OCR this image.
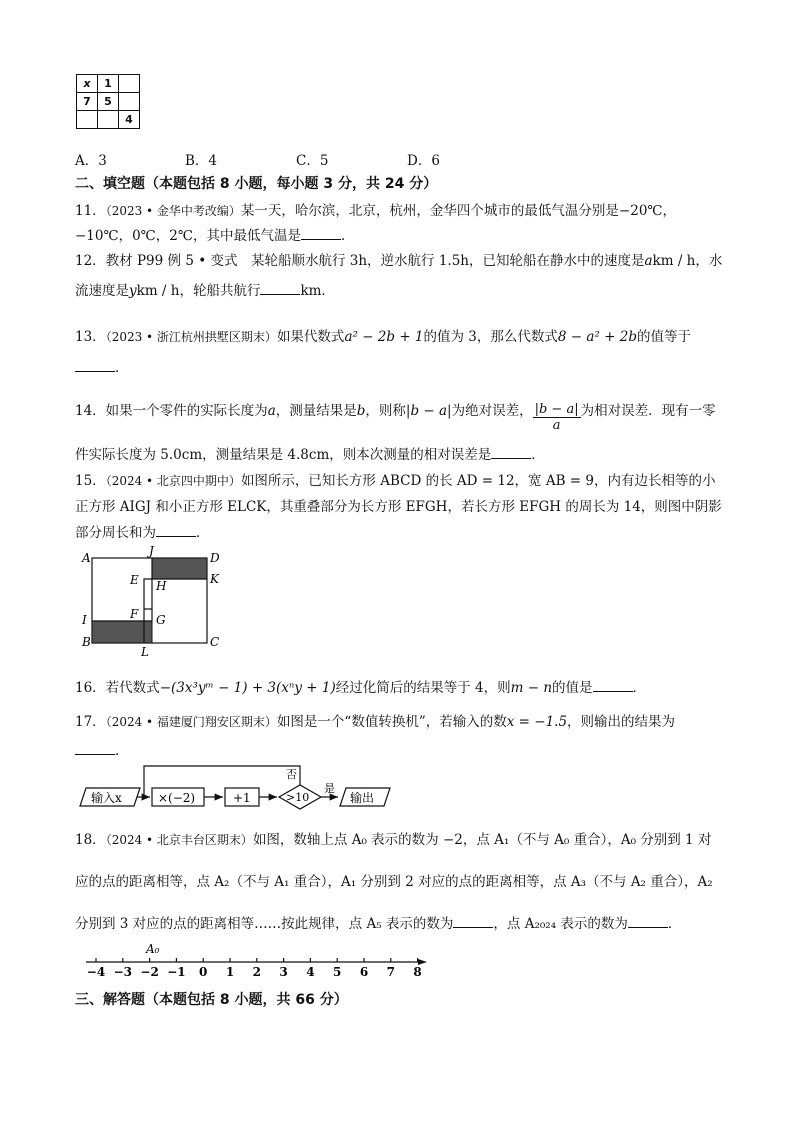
x	1	
7	5	
		4
A．3	B．4	C．5	D．6
二、填空题（本题包括 8 小题，每小题 3 分，共 24 分）
11．（2023 • 金华中考改编）某一天，哈尔滨，北京，杭州，金华四个城市的最低气温分别是−20℃，
−10℃，0℃，2℃，其中最低气温是	．
12．教材 P99 例 5 • 变式　某轮船顺水航行 3h，逆水航行 1.5h，已知轮船在静水中的速度是akm / h，水
流速度是ykm / h，轮船共航行	km．
13．（2023 • 浙江杭州拱墅区期末）如果代数式a² − 2b + 1的值为 3，那么代数式8 − a² + 2b的值等于
．
14．如果一个零件的实际长度为a，测量结果是b，则称|b − a|为绝对误差， $\frac{|b - a|}{a}$ 为相对误差．现有一零
件实际长度为 5.0cm，测量结果是 4.8cm，则本次测量的相对误差是	．
15．（2024 • 北京四中期中）如图所示，已知长方形 ABCD 的长 AD = 12，宽 AB = 9，内有边长相等的小
正方形 AIGJ 和小正方形 ELCK，其重叠部分为长方形 EFGH，若长方形 EFGH 的周长为 14，则图中阴影
部分周长和为	．
A
B	C
D
E
F G
H
I
J
K
L
16．若代数式−(3x³yᵐ − 1) + 3(xⁿy + 1)经过化简后的结果等于 4，则m − n的值是	．
17．（2024 • 福建厦门翔安区期末）如图是一个“数值转换机”，若输入的数x = −1.5，则输出的结果为
．
输入x	×(−2)	+1	>10
否
是
输出
18．（2024 • 北京丰台区期末）如图，数轴上点 A₀ 表示的数为 −2，点 A₁（不与 A₀ 重合），A₀ 分别到 1 对
应的点的距离相等，点 A₂（不与 A₁ 重合），A₁ 分别到 2 对应的点的距离相等，点 A₃（不与 A₂ 重合），A₂
分别到 3 对应的点的距离相等……按此规律，点 A₅ 表示的数为	，点 A₂₀₂₄ 表示的数为	．
−4 −3 −2 −1 0 1 2 3 4 5 6 7 8
A₀
三、解答题（本题包括 8 小题，共 66 分）
